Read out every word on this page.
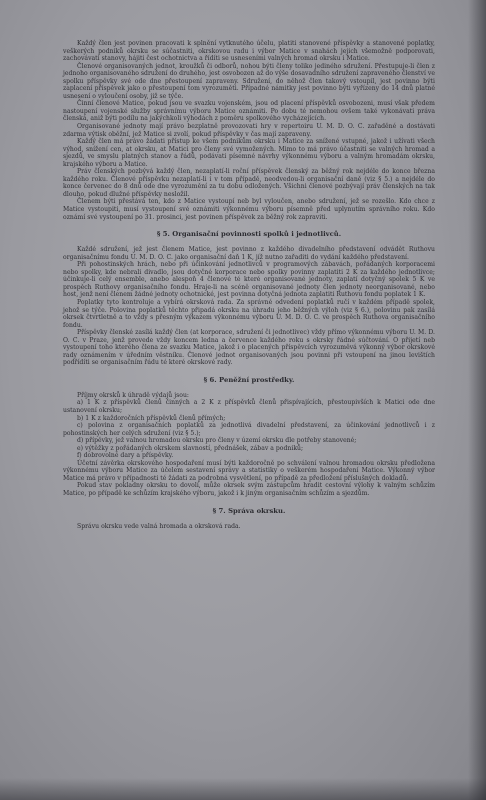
Každý člen jest povinen pracovati k splnění vytknutého účelu, platiti stanovené příspěvky a stanovené poplatky, veškerých podniků okrsku se súčastniti, okrskovou radu i výbor Matice v snahách jejich všemožně podporovati, zachovávati stanovy, hájiti čest ochotnictva a řídíti se usneseními valných hromad okrsku i Matice.

Členové organisovaných jednot, kroužků či odborů, nohou býti členy toliko jediného sdružení. Přestupuje-li člen z jednoho organisovaného sdružení do druhého, jest osvobozen až do výše dosavadního sdružení zapraveného členství ve spolku příspěvky své ode dne přestoupení zapraveny. Sdružení, do něhož člen takový vstoupil, jest povinno býti zaplacení příspěvek jako o přestoupení tom vyrozuměti. Případné námitky jest povinno býti vyřízeny do 14 dnů platné usnesení o vyloučení osoby, již se týče.

Činní členové Matice, pokud jsou ve svazku vojenském, jsou od placení příspěvků osvobozeni, musí však předem nastoupení vojenské služby správnímu výboru Matice oznámiti. Po dobu té nemohou ovšem také vykonávati práva členská, aniž býti podílu na jakýchkoli výhodách z poměru spolkového vycházejících.

Organisované jednoty mají právo bezplatně provozovati hry v repertoiru U. M. D. O. C. zařaděné a dostávati zdarma výtisk oběžní, jež Matice si zvolí, pokud příspěvky v čas mají zapraveny.

Každý člen má právo žádati přístup ke všem podnikům okrsku i Matice za snížené vstupné, jakož i užívati všech výhod, snížení cen, at okrsku, at Matici pro členy své vymožených. Mimo to má právo účastniti se valných hromad a sjezdů, ve smyslu platných stanov a řádů, podávati písemné návrhy výkonnému výboru a valným hromadám okrsku, krajského výboru a Matice.

Práv členských pozbývá každý člen, nezaplatí-li roční příspěvek členský za běžný rok nejdéle do konce března každého roku. Členové příspěvku nezaplatí-li i v tom případě, neodvedou-li organisační daně (viz § 5.) a nejdéle do konce červenec do 8 dnů ode dne vyrozumění za tu dobu odložených. Všichni členové pozbývají práv členských na tak dlouho, pokud dlužné příspěvky nesložil.

Členem býti přestává ten, kdo z Matice vystoupí neb byl vyloučen, anebo sdružení, jež se rozešlo. Kdo chce z Matice vystoupiti, musí vystoupení své oznámiti výkonnému výboru písemně před uplynutím správního roku. Kdo oznámí své vystoupení po 31. prosinci, jest povinen příspěvek za běžný rok zapraviti.

§ 5. Organisační povinnosti spolků i jednotlivců.

Každé sdružení, jež jest členem Matice, jest povinno z každého divadelního představení odvádět Ruthovu organisačnímu fondu U. M. D. O. C. jako organisační daň 1 K, jíž nutno zařaditi do vydání každého představení.

Při pohostinských hrách, nebo při účinkování jednotlivců v programových zábavách, pořádaných korporacemi nebo spolky, kde nebrali divadlo, jsou dotyčné korporace nebo spolky povinny zaplatiti 2 K za každého jednotlivce; účinkuje-li celý ensemble, anebo alespoň 4 členové té které organisované jednoty, zaplatí dotyčný spolek 5 K ve prospěch Ruthovy organisačního fondu. Hraje-li na scéně organisované jednoty člen jednoty neorganisované, nebo host, jenž není členem žádné jednoty ochotnické, jest povinna dotyčná jednota zaplatiti Ruthovu fondu poplatek 1 K.

Poplatky tyto kontroluje a vybírá okrsková rada. Za správné odvedení poplatků ručí v každém případě spolek, jehož se týče. Polovina poplatků těchto připadá okrsku na úhradu jeho běžných výloh (viz § 6.), polovinu pak zasílá okrsek čtvrtletně a to vždy s přesným výkazem výkonnému výboru U. M. D. O. C. ve prospěch Ruthova organisačního fondu.

Příspěvky členské zasílá každý člen (at korporace, sdružení či jednotlivec) vždy přímo výkonnému výboru U. M. D. O. C. v Praze, jenž provede vždy koncem ledna a července každého roku s okrsky řádné súčtování. O přijetí neb vystoupení toho kterého člena ze svazku Matice, jakož i o placených příspěvcích vyrozuměvá výkonný výbor okrskové rady oznámením v úředním věstníku. Členové jednot organisovaných jsou povinni při vstoupení na jinou levištích podřídíti se organisačním řádu té které okrskové rady.

§ 6. Peněžní prostředky.

Příjmy okrsků k úhradě výdajů jsou:

a) 1 K z příspěvků členů činných a 2 K z příspěvků členů přispívajících, přestoupivších k Matici ode dne ustanovení okrsku;

b) 1 K z každoročních příspěvků členů přímých;

c) polovina z organisačních poplatků za jednotlivá divadelní představení, za účinkování jednotlivců i z pohostinských her celých sdružení (viz § 5.);

d) přípěvky, jež valnou hromadou okrsku pro členy v území okrsku dle potřeby stanovené;

e) výtěžky z pořádaných okrskem slavností, přednášek, zábav a podniků;

f) dobrovolné dary a příspěvky.

Účetní závěrka okrskového hospodaření musí býti každoročně po schválení valnou hromadou okrsku předložena výkonnému výboru Matice za účelem sestavení správy a statistiky o veškerém hospodaření Matice. Výkonný výbor Matice má právo v případnosti té žádati za podrobná vysvětlení, po případě za předložení příslušných dokladů.

Pokud stav pokladny okrsku to dovolí, může okrsek svým zástupcům hradit cestovní výlohy k valným schůzím Matice, po případě ke schůzím krajského výboru, jakož i k jiným organisačním schůzím a sjezdům.

§ 7. Správa okrsku.

Správu okrsku vede valná hromada a okrsková rada.
